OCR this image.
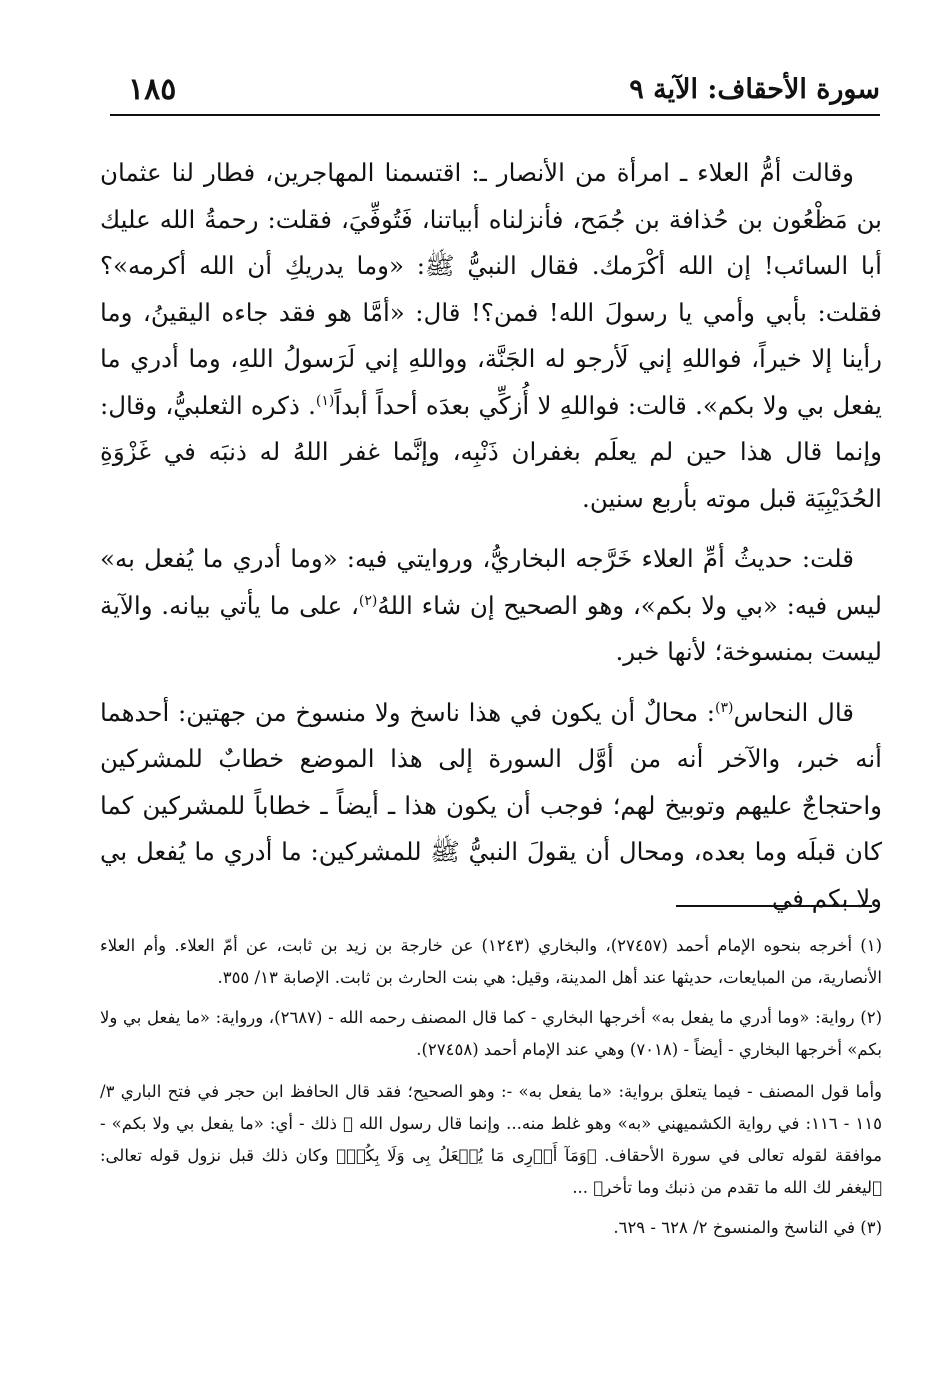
سورة الأحقاف: الآية ٩
١٨٥

وقالت أمُّ العلاء ـ امرأة من الأنصار ـ: اقتسمنا المهاجرين، فطار لنا عثمان بن مَظْعُون بن حُذافة بن جُمَح، فأنزلناه أبياتنا، فَتُوفِّيَ، فقلت: رحمةُ الله عليك أبا السائب! إن الله أكْرَمك. فقال النبيُّ ﷺ: «وما يدريكِ أن الله أكرمه»؟ فقلت: بأبي وأمي يا رسولَ الله! فمن؟! قال: «أمَّا هو فقد جاءه اليقينُ، وما رأينا إلا خيراً، فواللهِ إني لَأرجو له الجَنَّة، وواللهِ إني لَرَسولُ اللهِ، وما أدري ما يفعل بي ولا بكم». قالت: فواللهِ لا أُزكِّي بعدَه أحداً أبداً$^{(١)}$. ذكره الثعلبيُّ، وقال: وإنما قال هذا حين لم يعلَم بغفران ذَنْبِه، وإنَّما غفر اللهُ له ذنبَه في غَزْوَةِ الحُدَيْبِيَة قبل موته بأربع سنين.

قلت: حديثُ أمِّ العلاء خَرَّجه البخاريُّ، وروايتي فيه: «وما أدري ما يُفعل به» ليس فيه: «بي ولا بكم»، وهو الصحيح إن شاء اللهُ$^{(٢)}$، على ما يأتي بيانه. والآية ليست بمنسوخة؛ لأنها خبر.

قال النحاس$^{(٣)}$: محالٌ أن يكون في هذا ناسخ ولا منسوخ من جهتين: أحدهما أنه خبر، والآخر أنه من أوَّل السورة إلى هذا الموضع خطابٌ للمشركين واحتجاجٌ عليهم وتوبيخ لهم؛ فوجب أن يكون هذا ـ أيضاً ـ خطاباً للمشركين كما كان قبلَه وما بعده، ومحال أن يقولَ النبيُّ ﷺ للمشركين: ما أدري ما يُفعل بي ولا بكم في

(١) أخرجه بنحوه الإمام أحمد (٢٧٤٥٧)، والبخاري (١٢٤٣) عن خارجة بن زيد بن ثابت، عن أمّ العلاء. وأم العلاء الأنصارية، من المبايعات، حديثها عند أهل المدينة، وقيل: هي بنت الحارث بن ثابت. الإصابة ١٣/ ٣٥٥.

(٢) رواية: «وما أدري ما يفعل به» أخرجها البخاري - كما قال المصنف رحمه الله - (٢٦٨٧)، ورواية: «ما يفعل بي ولا بكم» أخرجها البخاري - أيضاً - (٧٠١٨) وهي عند الإمام أحمد (٢٧٤٥٨).

وأما قول المصنف - فيما يتعلق برواية: «ما يفعل به» -: وهو الصحيح؛ فقد قال الحافظ ابن حجر في فتح الباري ٣/ ١١٥ - ١١٦: في رواية الكشميهني «به» وهو غلط منه... وإنما قال رسول الله ﷺ ذلك - أي: «ما يفعل بي ولا بكم» - موافقة لقوله تعالى في سورة الأحقاف. ﴿وَمَآ أَدۡرِى مَا يُفۡعَلُ بِى وَلَا بِكُمۡ﴾ وكان ذلك قبل نزول قوله تعالى: ﴿ليغفر لك الله ما تقدم من ذنبك وما تأخر﴾ ...

(٣) في الناسخ والمنسوخ ٢/ ٦٢٨ - ٦٢٩.
